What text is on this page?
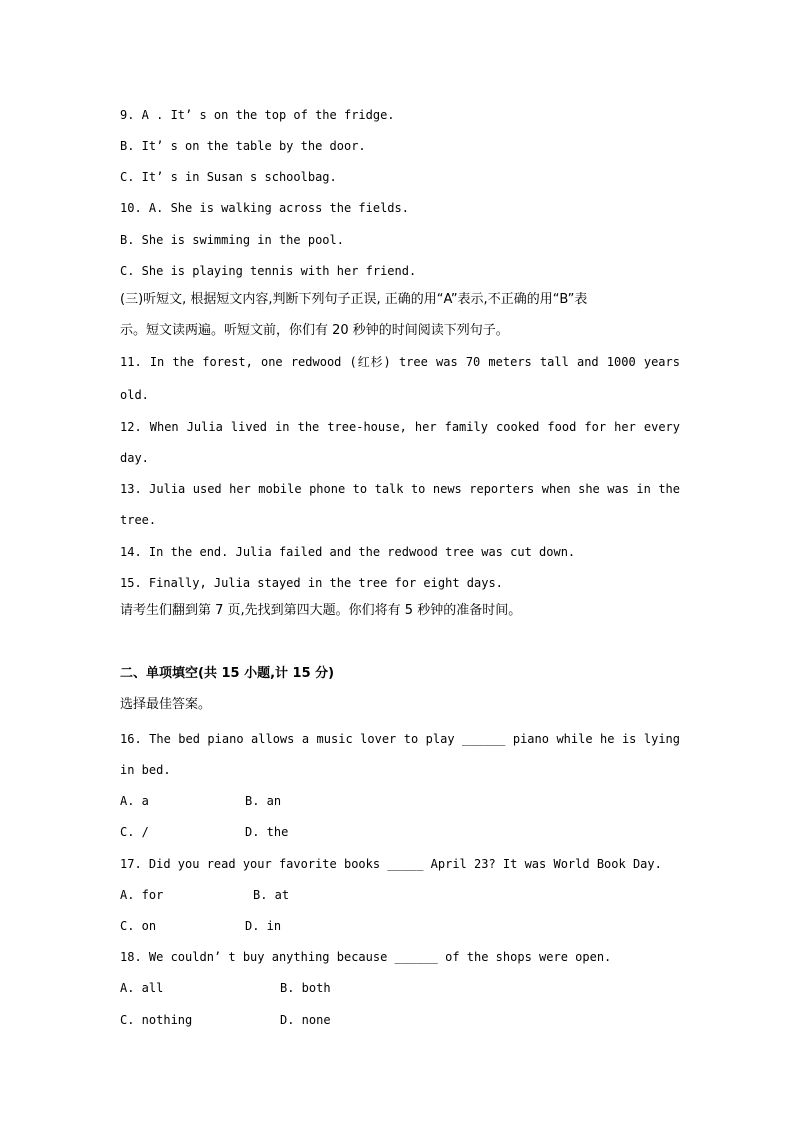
9. A . It’ s on the top of the fridge.
B. It’ s on the table by the door.
C. It’ s in Susan s schoolbag.
10. A. She is walking across the fields.
B. She is swimming in the pool.
C. She is playing tennis with her friend.
(三)听短文, 根据短文内容,判断下列句子正误, 正确的用“A”表示,不正确的用“B”表
示。短文读两遍。听短文前，你们有 20 秒钟的时间阅读下列句子。
11. In the forest, one redwood (红杉) tree was 70 meters tall and 1000 years
old.
12. When Julia lived in the tree-house, her family cooked food for her every
day.
13. Julia used her mobile phone to talk to news reporters when she was in the
tree.
14. In the end. Julia failed and the redwood tree was cut down.
15. Finally, Julia stayed in the tree for eight days.
请考生们翻到第 7 页,先找到第四大题。你们将有 5 秒钟的准备时间。
二、单项填空(共 15 小题,计 15 分)
选择最佳答案。
16. The bed piano allows a music lover to play ______ piano while he is lying
in bed.
A. a	B. an
C. /	D. the
17. Did you read your favorite books _____ April 23? It was World Book Day.
A. for	B. at
C. on	D. in
18. We couldn’ t buy anything because ______ of the shops were open.
A. all	B. both
C. nothing	D. none
